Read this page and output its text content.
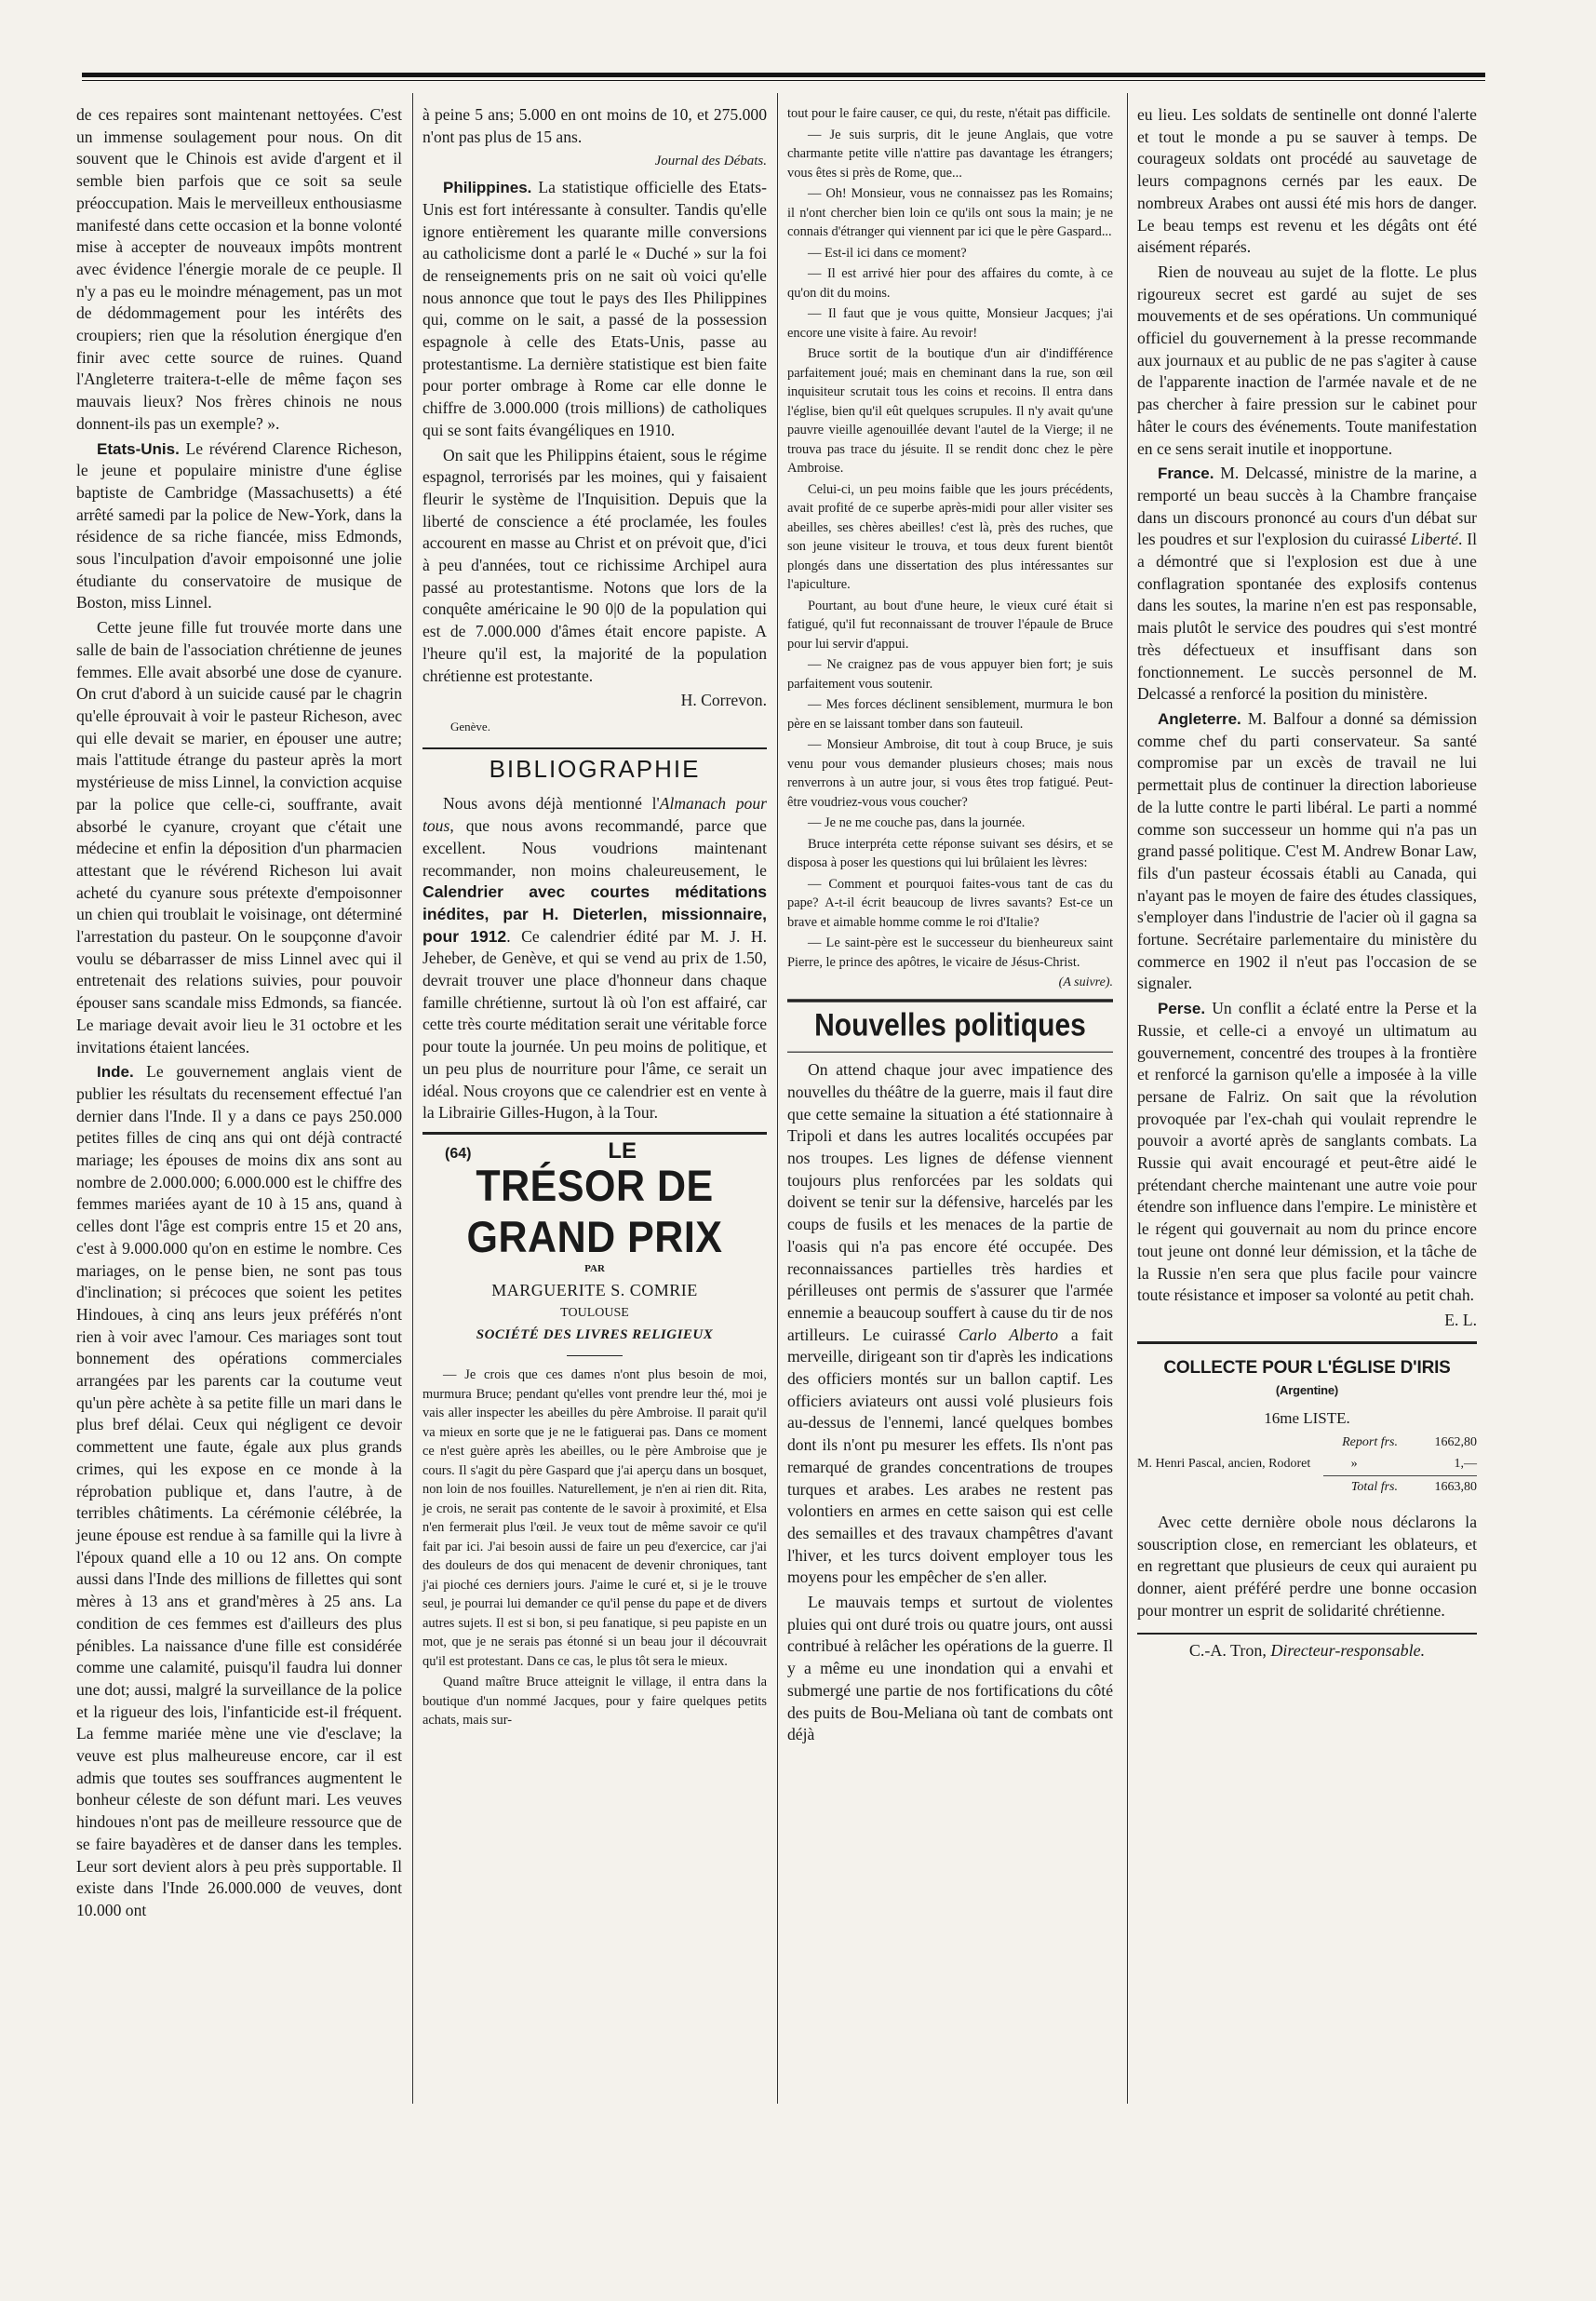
de ces repaires sont maintenant nettoyées. C'est un immense soulagement pour nous. On dit souvent que le Chinois est avide d'argent et il semble bien parfois que ce soit sa seule préoccupation. Mais le merveilleux enthousiasme manifesté dans cette occasion et la bonne volonté mise à accepter de nouveaux impôts montrent avec évidence l'énergie morale de ce peuple. Il n'y a pas eu le moindre ménagement, pas un mot de dédommagement pour les intérêts des croupiers; rien que la résolution énergique d'en finir avec cette source de ruines. Quand l'Angleterre traitera-t-elle de même façon ses mauvais lieux? Nos frères chinois ne nous donnent-ils pas un exemple? ».

Etats-Unis. Le révérend Clarence Richeson, le jeune et populaire ministre d'une église baptiste de Cambridge (Massachusetts) a été arrêté samedi par la police de New-York, dans la résidence de sa riche fiancée, miss Edmonds, sous l'inculpation d'avoir empoisonné une jolie étudiante du conservatoire de musique de Boston, miss Linnel.

Cette jeune fille fut trouvée morte dans une salle de bain de l'association chrétienne de jeunes femmes. Elle avait absorbé une dose de cyanure. On crut d'abord à un suicide causé par le chagrin qu'elle éprouvait à voir le pasteur Richeson, avec qui elle devait se marier, en épouser une autre; mais l'attitude étrange du pasteur après la mort mystérieuse de miss Linnel, la conviction acquise par la police que celle-ci, souffrante, avait absorbé le cyanure, croyant que c'était une médecine et enfin la déposition d'un pharmacien attestant que le révérend Richeson lui avait acheté du cyanure sous prétexte d'empoisonner un chien qui troublait le voisinage, ont déterminé l'arrestation du pasteur. On le soupçonne d'avoir voulu se débarrasser de miss Linnel avec qui il entretenait des relations suivies, pour pouvoir épouser sans scandale miss Edmonds, sa fiancée. Le mariage devait avoir lieu le 31 octobre et les invitations étaient lancées.

Inde. Le gouvernement anglais vient de publier les résultats du recensement effectué l'an dernier dans l'Inde. Il y a dans ce pays 250.000 petites filles de cinq ans qui ont déjà contracté mariage; les épouses de moins dix ans sont au nombre de 2.000.000; 6.000.000 est le chiffre des femmes mariées ayant de 10 à 15 ans, quand à celles dont l'âge est compris entre 15 et 20 ans, c'est à 9.000.000 qu'on en estime le nombre. Ces mariages, on le pense bien, ne sont pas tous d'inclination; si précoces que soient les petites Hindoues, à cinq ans leurs jeux préférés n'ont rien à voir avec l'amour. Ces mariages sont tout bonnement des opérations commerciales arrangées par les parents car la coutume veut qu'un père achète à sa petite fille un mari dans le plus bref délai. Ceux qui négligent ce devoir commettent une faute, égale aux plus grands crimes, qui les expose en ce monde à la réprobation publique et, dans l'autre, à de terribles châtiments. La cérémonie célébrée, la jeune épouse est rendue à sa famille qui la livre à l'époux quand elle a 10 ou 12 ans. On compte aussi dans l'Inde des millions de fillettes qui sont mères à 13 ans et grand'mères à 25 ans. La condition de ces femmes est d'ailleurs des plus pénibles. La naissance d'une fille est considérée comme une calamité, puisqu'il faudra lui donner une dot; aussi, malgré la surveillance de la police et la rigueur des lois, l'infanticide est-il fréquent. La femme mariée mène une vie d'esclave; la veuve est plus malheureuse encore, car il est admis que toutes ses souffrances augmentent le bonheur céleste de son défunt mari. Les veuves hindoues n'ont pas de meilleure ressource que de se faire bayadères et de danser dans les temples. Leur sort devient alors à peu près supportable. Il existe dans l'Inde 26.000.000 de veuves, dont 10.000 ont

à peine 5 ans; 5.000 en ont moins de 10, et 275.000 n'ont pas plus de 15 ans.

Journal des Débats.

Philippines. La statistique officielle des Etats-Unis est fort intéressante à consulter. Tandis qu'elle ignore entièrement les quarante mille conversions au catholicisme dont a parlé le « Duché » sur la foi de renseignements pris on ne sait où voici qu'elle nous annonce que tout le pays des Iles Philippines qui, comme on le sait, a passé de la possession espagnole à celle des Etats-Unis, passe au protestantisme. La dernière statistique est bien faite pour porter ombrage à Rome car elle donne le chiffre de 3.000.000 (trois millions) de catholiques qui se sont faits évangéliques en 1910.

On sait que les Philippins étaient, sous le régime espagnol, terrorisés par les moines, qui y faisaient fleurir le système de l'Inquisition. Depuis que la liberté de conscience a été proclamée, les foules accourent en masse au Christ et on prévoit que, d'ici à peu d'années, tout ce richissime Archipel aura passé au protestantisme. Notons que lors de la conquête américaine le 90 0|0 de la population qui est de 7.000.000 d'âmes était encore papiste. A l'heure qu'il est, la majorité de la population chrétienne est protestante.

H. Correvon.
Genève.
BIBLIOGRAPHIE

Nous avons déjà mentionné l'Almanach pour tous, que nous avons recommandé, parce que excellent. Nous voudrions maintenant recommander, non moins chaleureusement, le Calendrier avec courtes méditations inédites, par H. Dieterlen, missionnaire, pour 1912. Ce calendrier édité par M. J. H. Jeheber, de Genève, et qui se vend au prix de 1.50, devrait trouver une place d'honneur dans chaque famille chrétienne, surtout là où l'on est affairé, car cette très courte méditation serait une véritable force pour toute la journée. Un peu moins de politique, et un peu plus de nourriture pour l'âme, ce serait un idéal. Nous croyons que ce calendrier est en vente à la Librairie Gilles-Hugon, à la Tour.

(64)	LE
TRÉSOR DE GRAND PRIX
PAR
MARGUERITE S. COMRIE
TOULOUSE
SOCIÉTÉ DES LIVRES RELIGIEUX

— Je crois que ces dames n'ont plus besoin de moi, murmura Bruce; pendant qu'elles vont prendre leur thé, moi je vais aller inspecter les abeilles du père Ambroise. Il parait qu'il va mieux en sorte que je ne le fatiguerai pas. Dans ce moment ce n'est guère après les abeilles, ou le père Ambroise que je cours. Il s'agit du père Gaspard que j'ai aperçu dans un bosquet, non loin de nos fouilles. Naturellement, je n'en ai rien dit. Rita, je crois, ne serait pas contente de le savoir à proximité, et Elsa n'en fermerait plus l'œil. Je veux tout de même savoir ce qu'il fait par ici. J'ai besoin aussi de faire un peu d'exercice, car j'ai des douleurs de dos qui menacent de devenir chroniques, tant j'ai pioché ces derniers jours. J'aime le curé et, si je le trouve seul, je pourrai lui demander ce qu'il pense du pape et de divers autres sujets. Il est si bon, si peu fanatique, si peu papiste en un mot, que je ne serais pas étonné si un beau jour il découvrait qu'il est protestant. Dans ce cas, le plus tôt sera le mieux.

Quand maître Bruce atteignit le village, il entra dans la boutique d'un nommé Jacques, pour y faire quelques petits achats, mais sur-

tout pour le faire causer, ce qui, du reste, n'était pas difficile.

— Je suis surpris, dit le jeune Anglais, que votre charmante petite ville n'attire pas davantage les étrangers; vous êtes si près de Rome, que...

— Oh! Monsieur, vous ne connaissez pas les Romains; il n'ont chercher bien loin ce qu'ils ont sous la main; je ne connais d'étranger qui viennent par ici que le père Gaspard...

— Est-il ici dans ce moment?

— Il est arrivé hier pour des affaires du comte, à ce qu'on dit du moins.

— Il faut que je vous quitte, Monsieur Jacques; j'ai encore une visite à faire. Au revoir!

Bruce sortit de la boutique d'un air d'indifférence parfaitement joué; mais en cheminant dans la rue, son œil inquisiteur scrutait tous les coins et recoins. Il entra dans l'église, bien qu'il eût quelques scrupules. Il n'y avait qu'une pauvre vieille agenouillée devant l'autel de la Vierge; il ne trouva pas trace du jésuite. Il se rendit donc chez le père Ambroise.

Celui-ci, un peu moins faible que les jours précédents, avait profité de ce superbe après-midi pour aller visiter ses abeilles, ses chères abeilles! c'est là, près des ruches, que son jeune visiteur le trouva, et tous deux furent bientôt plongés dans une dissertation des plus intéressantes sur l'apiculture.

Pourtant, au bout d'une heure, le vieux curé était si fatigué, qu'il fut reconnaissant de trouver l'épaule de Bruce pour lui servir d'appui.

— Ne craignez pas de vous appuyer bien fort; je suis parfaitement vous soutenir.

— Mes forces déclinent sensiblement, murmura le bon père en se laissant tomber dans son fauteuil.

— Monsieur Ambroise, dit tout à coup Bruce, je suis venu pour vous demander plusieurs choses; mais nous renverrons à un autre jour, si vous êtes trop fatigué. Peut-être voudriez-vous vous coucher?

— Je ne me couche pas, dans la journée.

Bruce interpréta cette réponse suivant ses désirs, et se disposa à poser les questions qui lui brûlaient les lèvres:

— Comment et pourquoi faites-vous tant de cas du pape? A-t-il écrit beaucoup de livres savants? Est-ce un brave et aimable homme comme le roi d'Italie?

— Le saint-père est le successeur du bienheureux saint Pierre, le prince des apôtres, le vicaire de Jésus-Christ.

(A suivre).
Nouvelles politiques

On attend chaque jour avec impatience des nouvelles du théâtre de la guerre, mais il faut dire que cette semaine la situation a été stationnaire à Tripoli et dans les autres localités occupées par nos troupes. Les lignes de défense viennent toujours plus renforcées par les soldats qui doivent se tenir sur la défensive, harcelés par les coups de fusils et les menaces de la partie de l'oasis qui n'a pas encore été occupée. Des reconnaissances partielles très hardies et périlleuses ont permis de s'assurer que l'armée ennemie a beaucoup souffert à cause du tir de nos artilleurs. Le cuirassé Carlo Alberto a fait merveille, dirigeant son tir d'après les indications des officiers montés sur un ballon captif. Les officiers aviateurs ont aussi volé plusieurs fois au-dessus de l'ennemi, lancé quelques bombes dont ils n'ont pu mesurer les effets. Ils n'ont pas remarqué de grandes concentrations de troupes turques et arabes. Les arabes ne restent pas volontiers en armes en cette saison qui est celle des semailles et des travaux champêtres d'avant l'hiver, et les turcs doivent employer tous les moyens pour les empêcher de s'en aller.

Le mauvais temps et surtout de violentes pluies qui ont duré trois ou quatre jours, ont aussi contribué à relâcher les opérations de la guerre. Il y a même eu une inondation qui a envahi et submergé une partie de nos fortifications du côté des puits de Bou-Meliana où tant de combats ont déjà

eu lieu. Les soldats de sentinelle ont donné l'alerte et tout le monde a pu se sauver à temps. De courageux soldats ont procédé au sauvetage de leurs compagnons cernés par les eaux. De nombreux Arabes ont aussi été mis hors de danger. Le beau temps est revenu et les dégâts ont été aisément réparés.

Rien de nouveau au sujet de la flotte. Le plus rigoureux secret est gardé au sujet de ses mouvements et de ses opérations. Un communiqué officiel du gouvernement à la presse recommande aux journaux et au public de ne pas s'agiter à cause de l'apparente inaction de l'armée navale et de ne pas chercher à faire pression sur le cabinet pour hâter le cours des événements. Toute manifestation en ce sens serait inutile et inopportune.

France. M. Delcassé, ministre de la marine, a remporté un beau succès à la Chambre française dans un discours prononcé au cours d'un débat sur les poudres et sur l'explosion du cuirassé Liberté. Il a démontré que si l'explosion est due à une conflagration spontanée des explosifs contenus dans les soutes, la marine n'en est pas responsable, mais plutôt le service des poudres qui s'est montré très défectueux et insuffisant dans son fonctionnement. Le succès personnel de M. Delcassé a renforcé la position du ministère.

Angleterre. M. Balfour a donné sa démission comme chef du parti conservateur. Sa santé compromise par un excès de travail ne lui permettait plus de continuer la direction laborieuse de la lutte contre le parti libéral. Le parti a nommé comme son successeur un homme qui n'a pas un grand passé politique. C'est M. Andrew Bonar Law, fils d'un pasteur écossais établi au Canada, qui n'ayant pas le moyen de faire des études classiques, s'employer dans l'industrie de l'acier où il gagna sa fortune. Secrétaire parlementaire du ministère du commerce en 1902 il n'eut pas l'occasion de se signaler.

Perse. Un conflit a éclaté entre la Perse et la Russie, et celle-ci a envoyé un ultimatum au gouvernement, concentré des troupes à la frontière et renforcé la garnison qu'elle a imposée à la ville persane de Falriz. On sait que la révolution provoquée par l'ex-chah qui voulait reprendre le pouvoir a avorté après de sanglants combats. La Russie qui avait encouragé et peut-être aidé le prétendant cherche maintenant une autre voie pour étendre son influence dans l'empire. Le ministère et le régent qui gouvernait au nom du prince encore tout jeune ont donné leur démission, et la tâche de la Russie n'en sera que plus facile pour vaincre toute résistance et imposer sa volonté au petit chah.

E. L.
COLLECTE POUR L'ÉGLISE D'IRIS (Argentine)
16me LISTE.
Report frs.	1662,80
M. Henri Pascal, ancien, Rodoret	»	1,—
Total frs.	1663,80

Avec cette dernière obole nous déclarons la souscription close, en remerciant les oblateurs, et en regrettant que plusieurs de ceux qui auraient pu donner, aient préféré perdre une bonne occasion pour montrer un esprit de solidarité chrétienne.

C.-A. Tron, Directeur-responsable.
